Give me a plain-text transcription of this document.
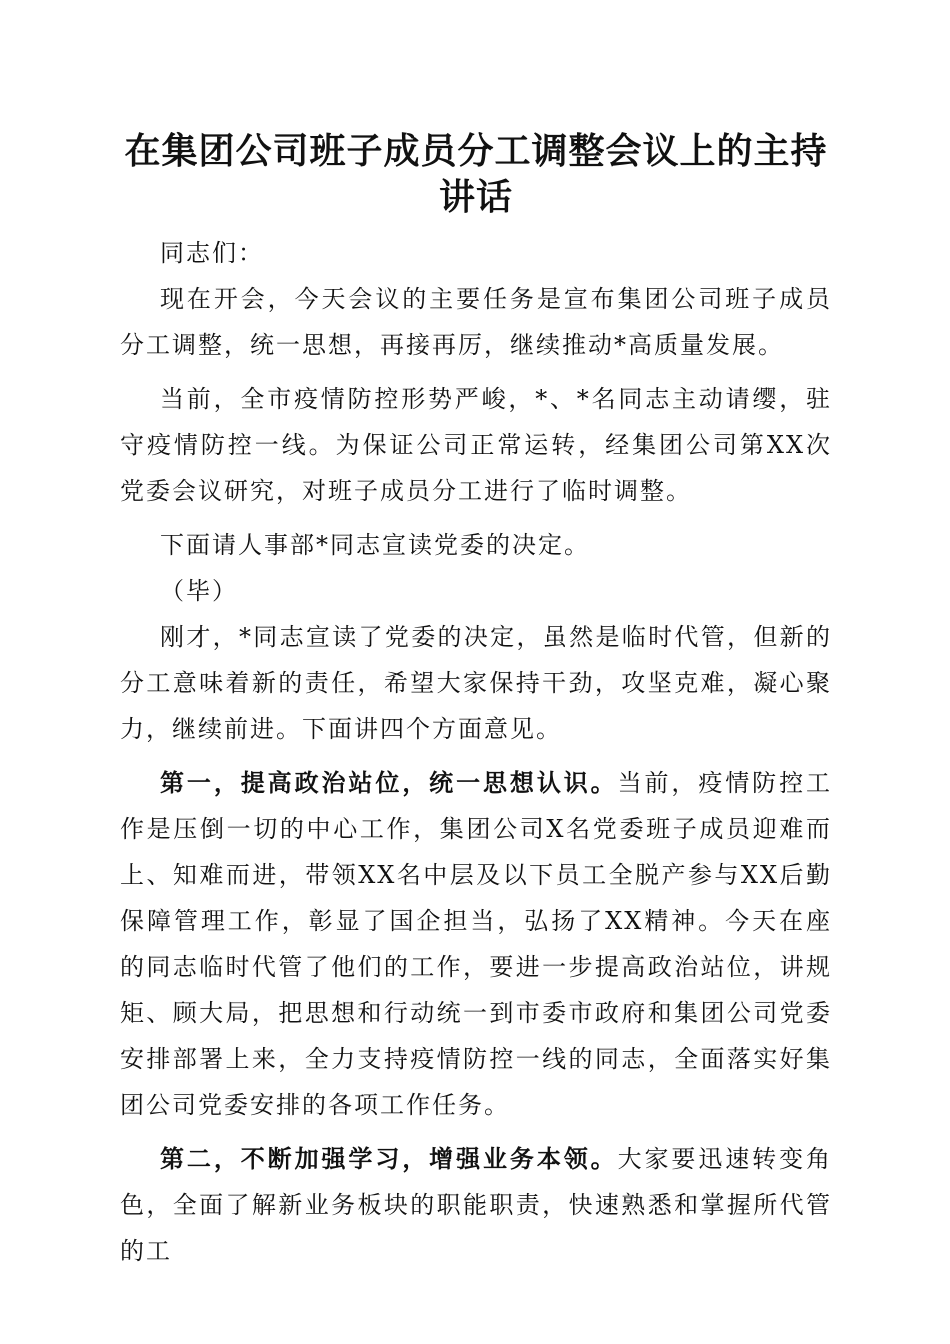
在集团公司班子成员分工调整会议上的主持讲话

同志们：

现在开会，今天会议的主要任务是宣布集团公司班子成员分工调整，统一思想，再接再厉，继续推动*高质量发展。

当前，全市疫情防控形势严峻，*、*名同志主动请缨，驻守疫情防控一线。为保证公司正常运转，经集团公司第XX次党委会议研究，对班子成员分工进行了临时调整。

下面请人事部*同志宣读党委的决定。

（毕）

刚才，*同志宣读了党委的决定，虽然是临时代管，但新的分工意味着新的责任，希望大家保持干劲，攻坚克难，凝心聚力，继续前进。下面讲四个方面意见。

第一，提高政治站位，统一思想认识。当前，疫情防控工作是压倒一切的中心工作，集团公司X名党委班子成员迎难而上、知难而进，带领XX名中层及以下员工全脱产参与XX后勤保障管理工作，彰显了国企担当，弘扬了XX精神。今天在座的同志临时代管了他们的工作，要进一步提高政治站位，讲规矩、顾大局，把思想和行动统一到市委市政府和集团公司党委安排部署上来，全力支持疫情防控一线的同志，全面落实好集团公司党委安排的各项工作任务。

第二，不断加强学习，增强业务本领。大家要迅速转变角色，全面了解新业务板块的职能职责，快速熟悉和掌握所代管的工
